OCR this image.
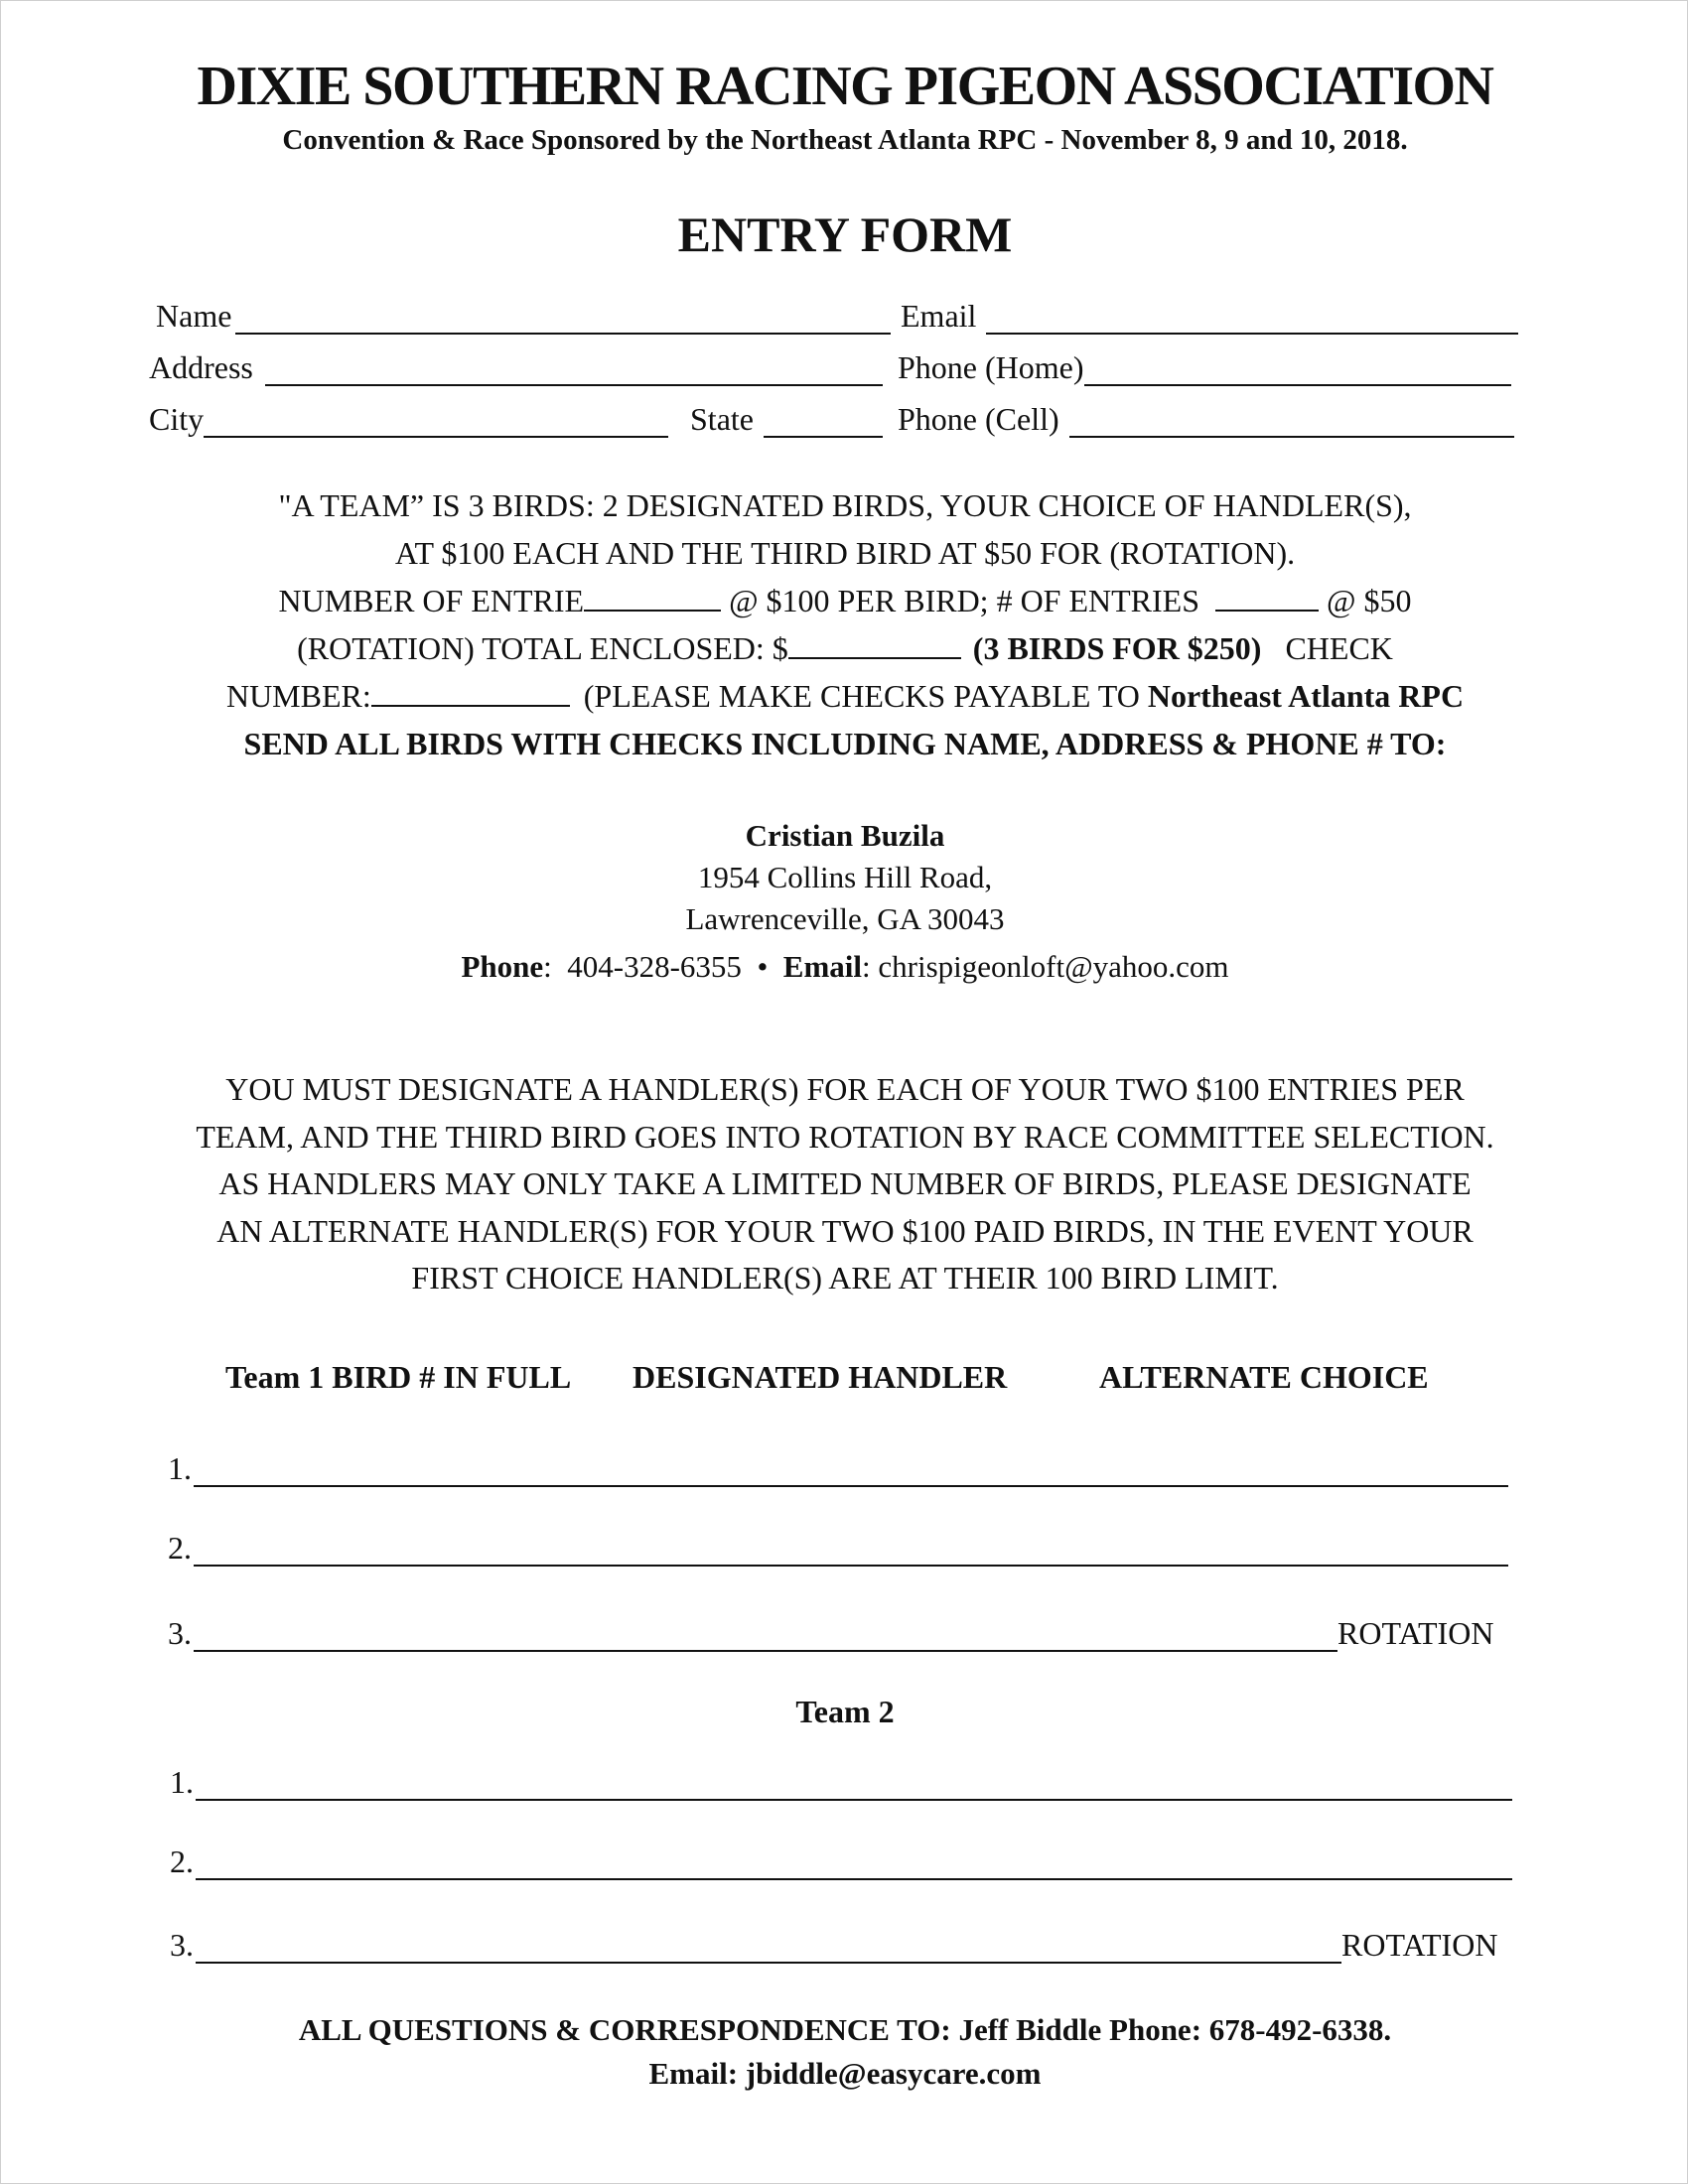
DIXIE SOUTHERN RACING PIGEON ASSOCIATION
Convention & Race Sponsored by the Northeast Atlanta RPC - November 8, 9 and 10, 2018.
ENTRY FORM
Name	Email
Address	Phone (Home)
City	State	Phone (Cell)
"A TEAM” IS 3 BIRDS: 2 DESIGNATED BIRDS, YOUR CHOICE OF HANDLER(S),
AT $100 EACH AND THE THIRD BIRD AT $50 FOR (ROTATION).
NUMBER OF ENTRIE	@ $100 PER BIRD; # OF ENTRIES	@ $50
(ROTATION) TOTAL ENCLOSED: $	(3 BIRDS FOR $250) CHECK
NUMBER:	(PLEASE MAKE CHECKS PAYABLE TO Northeast Atlanta RPC
SEND ALL BIRDS WITH CHECKS INCLUDING NAME, ADDRESS & PHONE # TO:
Cristian Buzila
1954 Collins Hill Road,
Lawrenceville, GA 30043
Phone:  404-328-6355 • Email: chrispigeonloft@yahoo.com
YOU MUST DESIGNATE A HANDLER(S) FOR EACH OF YOUR TWO $100 ENTRIES PER
TEAM, AND THE THIRD BIRD GOES INTO ROTATION BY RACE COMMITTEE SELECTION.
AS HANDLERS MAY ONLY TAKE A LIMITED NUMBER OF BIRDS, PLEASE DESIGNATE
AN ALTERNATE HANDLER(S) FOR YOUR TWO $100 PAID BIRDS, IN THE EVENT YOUR
FIRST CHOICE HANDLER(S) ARE AT THEIR 100 BIRD LIMIT.
Team 1 BIRD # IN FULL DESIGNATED HANDLER	ALTERNATE CHOICE
1.
2.
3.	ROTATION
Team 2
1.
2.
3.	ROTATION
ALL QUESTIONS & CORRESPONDENCE TO: Jeff Biddle Phone: 678-492-6338.
Email: jbiddle@easycare.com
